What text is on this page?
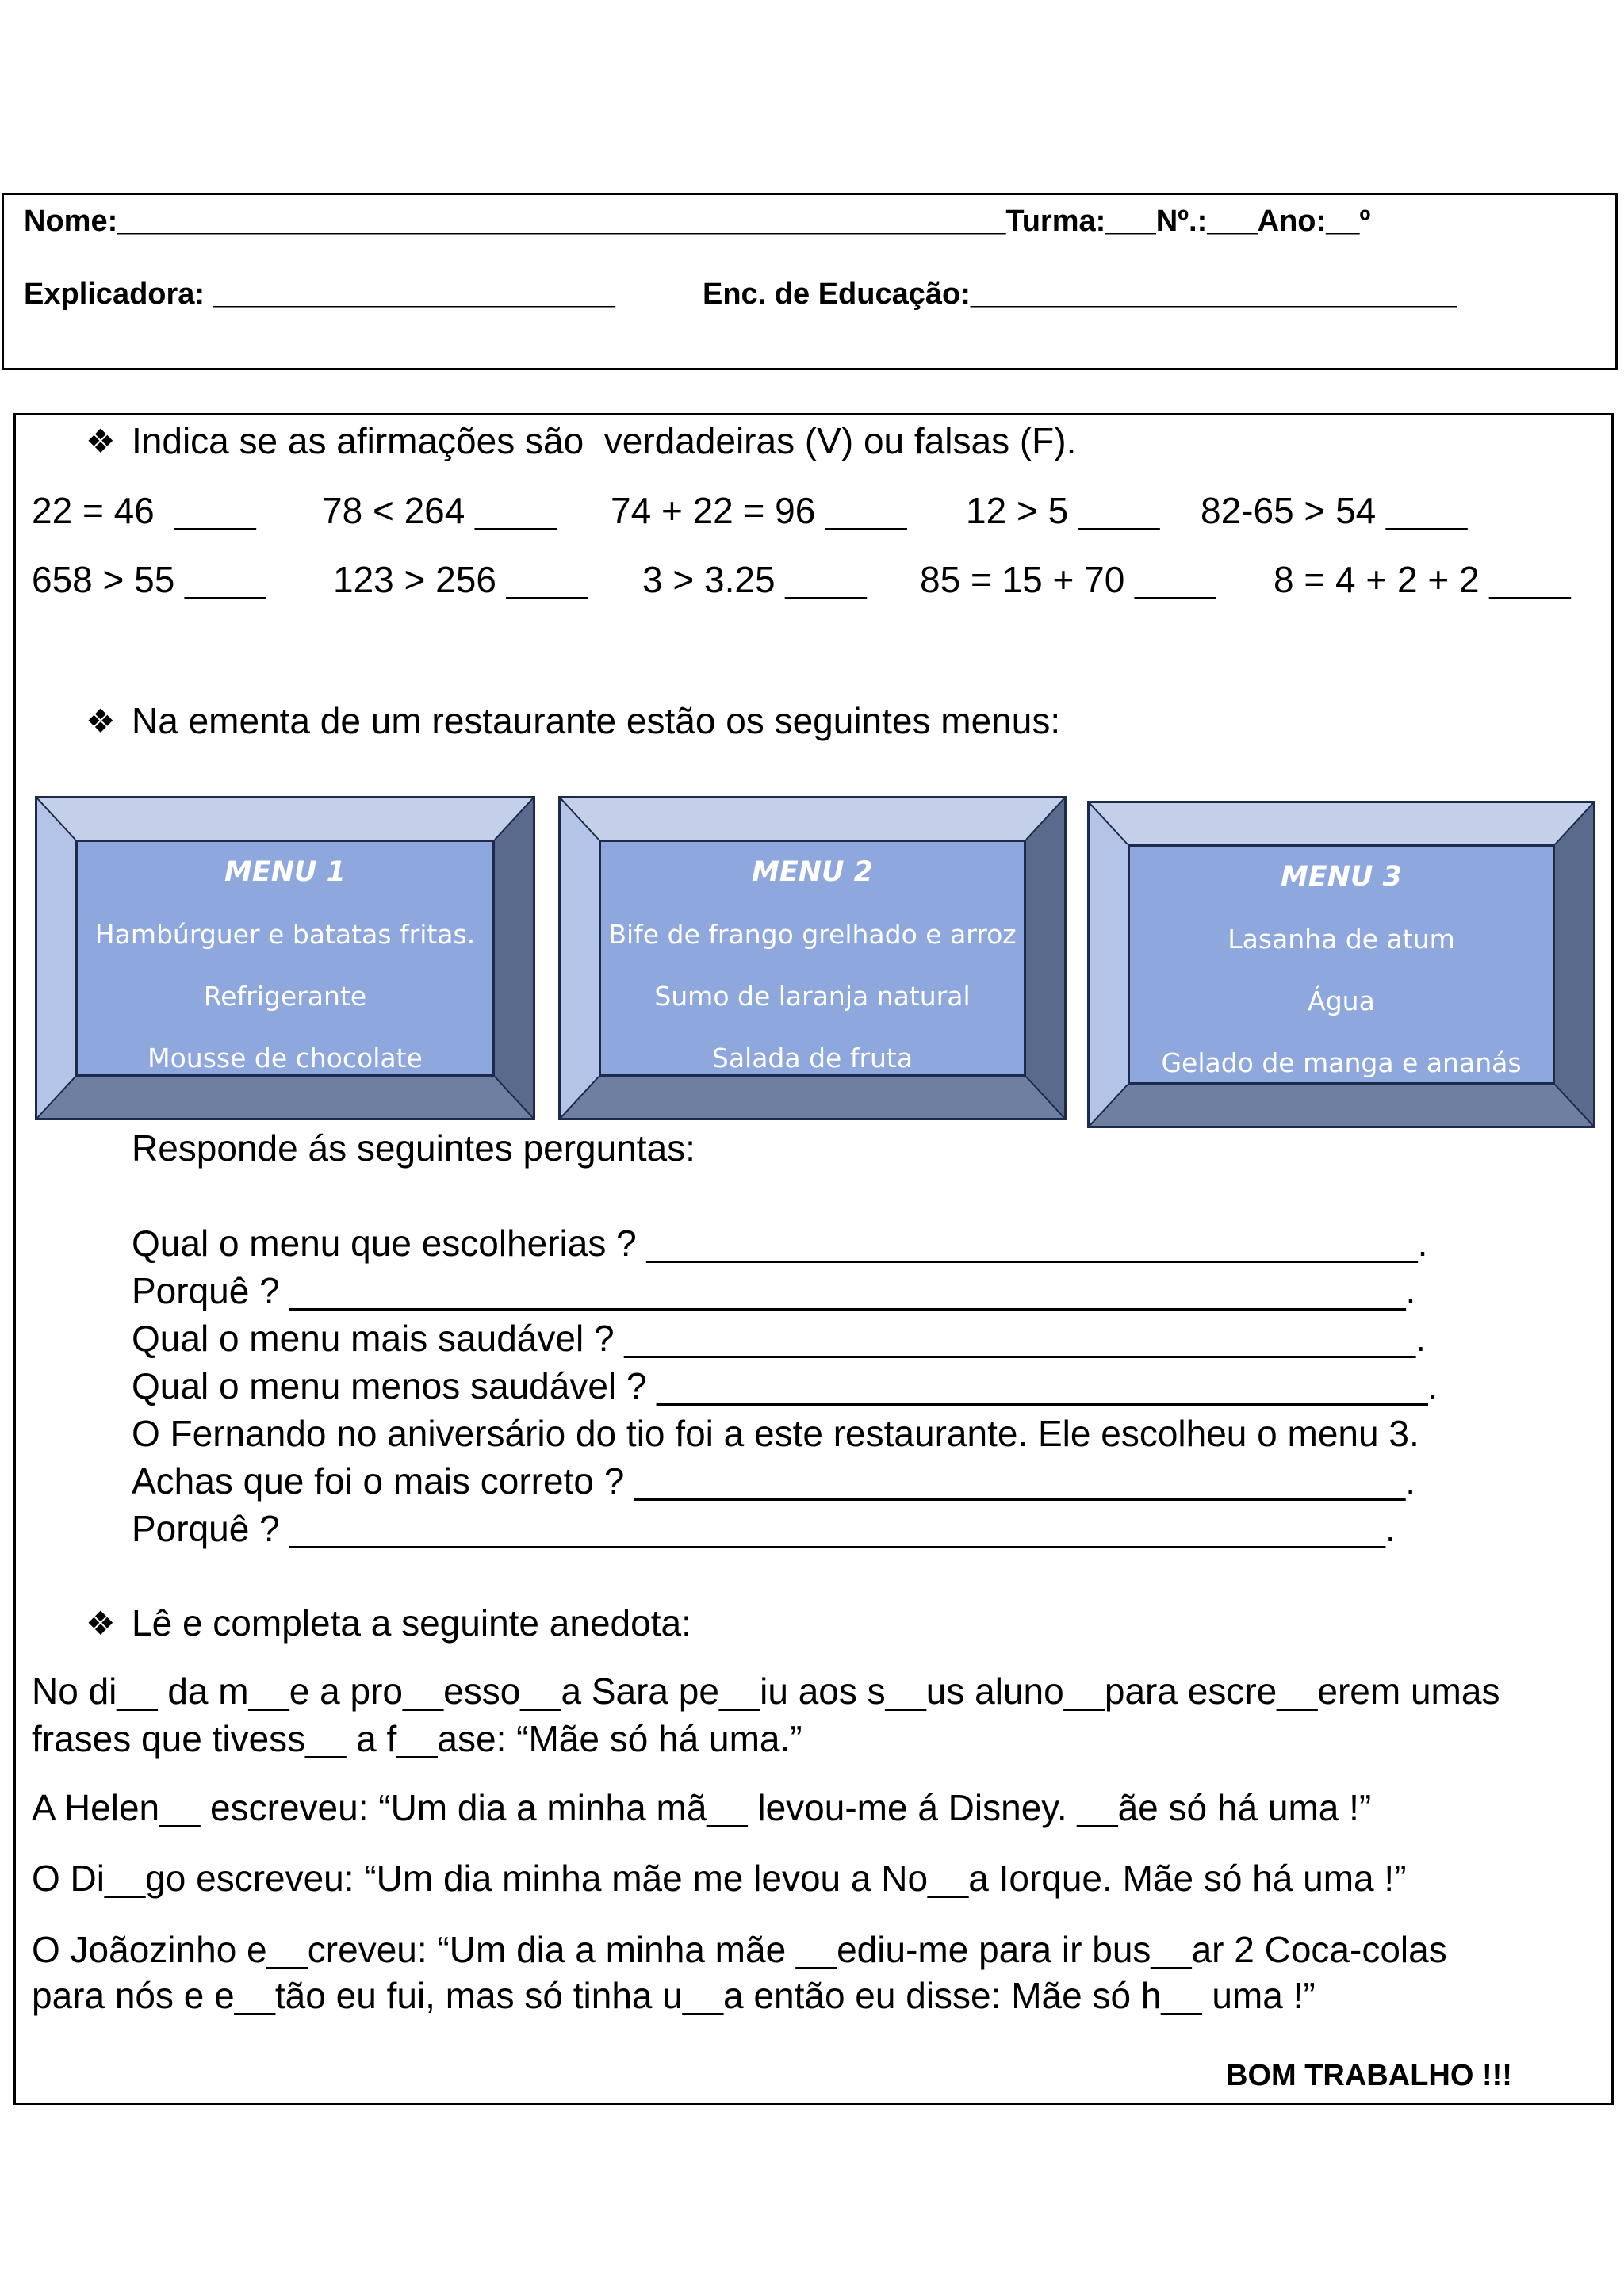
Nome:_____________________________________________________Turma:___Nº.:___Ano:__º
Explicadora: ________________________	Enc. de Educação:_____________________________
❖ Indica se as afirmações são  verdadeiras (V) ou falsas (F).
22 = 46  ____ 78 < 264 ____ 74 + 22 = 96 ____ 12 > 5 ____ 82-65 > 54 ____
658 > 55 ____ 123 > 256 ____ 3 > 3.25 ____ 85 = 15 + 70 ____ 8 = 4 + 2 + 2 ____
❖ Na ementa de um restaurante estão os seguintes menus:
MENU 1
Hambúrguer e batatas fritas.
Refrigerante
Mousse de chocolate
MENU 2
Bife de frango grelhado e arroz
Sumo de laranja natural
Salada de fruta
MENU 3
Lasanha de atum
Água
Gelado de manga e ananás
Responde ás seguintes perguntas:
Qual o menu que escolherias ? ______________________________________.
Porquê ? _______________________________________________________.
Qual o menu mais saudável ? _______________________________________.
Qual o menu menos saudável ? ______________________________________.
O Fernando no aniversário do tio foi a este restaurante. Ele escolheu o menu 3.
Achas que foi o mais correto ? ______________________________________.
Porquê ? ______________________________________________________.
❖ Lê e completa a seguinte anedota:
No di__ da m__e a pro__esso__a Sara pe__iu aos s__us aluno__para escre__erem umas
frases que tivess__ a f__ase: “Mãe só há uma.”
A Helen__ escreveu: “Um dia a minha mã__ levou-me á Disney. __ãe só há uma !”
O Di__go escreveu: “Um dia minha mãe me levou a No__a Iorque. Mãe só há uma !”
O Joãozinho e__creveu: “Um dia a minha mãe __ediu-me para ir bus__ar 2 Coca-colas
para nós e e__tão eu fui, mas só tinha u__a então eu disse: Mãe só h__ uma !”
BOM TRABALHO !!!
